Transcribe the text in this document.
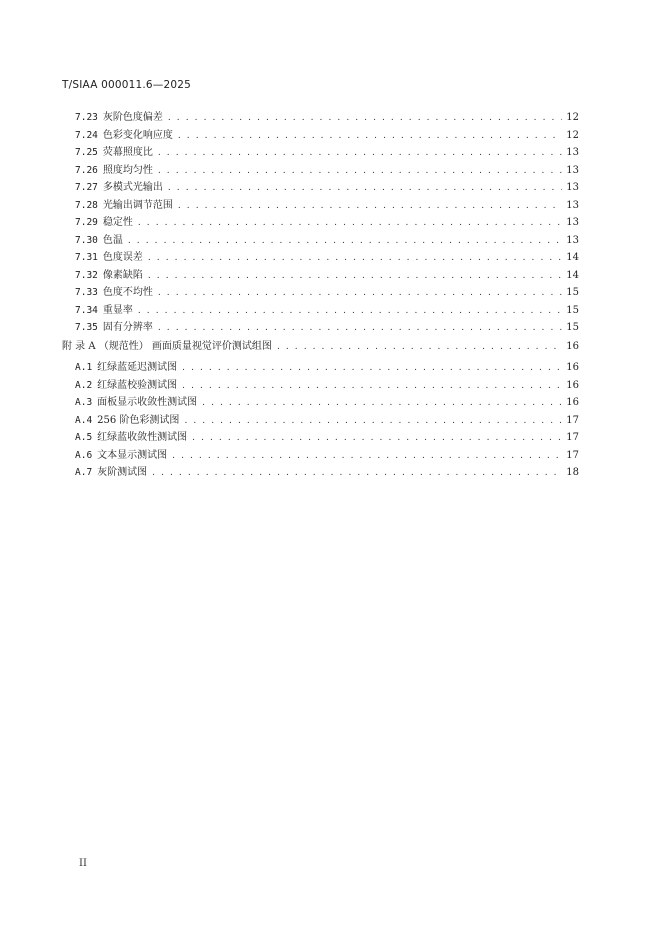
T/SIAA 000011.6—2025
7.23 灰阶色度偏差 . . .	12
7.24 色彩变化响应度 . . .	12
7.25 荧幕照度比 . . .	13
7.26 照度均匀性 . . .	13
7.27 多模式光输出 . . .	13
7.28 光输出调节范围 . . .	13
7.29 稳定性 . . .	13
7.30 色温 . . .	13
7.31 色度误差 . . .	14
7.32 像素缺陷 . . .	14
7.33 色度不均性 . . .	15
7.34 重显率 . . .	15
7.35 固有分辨率 . . .	15
附 录 A （规范性） 画面质量视觉评价测试组图 . . .	16
A.1 红绿蓝延迟测试图 . . .	16
A.2 红绿蓝校验测试图 . . .	16
A.3 面板显示收敛性测试图 . . .	16
A.4 256 阶色彩测试图 . . .	17
A.5 红绿蓝收敛性测试图 . . .	17
A.6 文本显示测试图 . . .	17
A.7 灰阶测试图 . . .	18
II
